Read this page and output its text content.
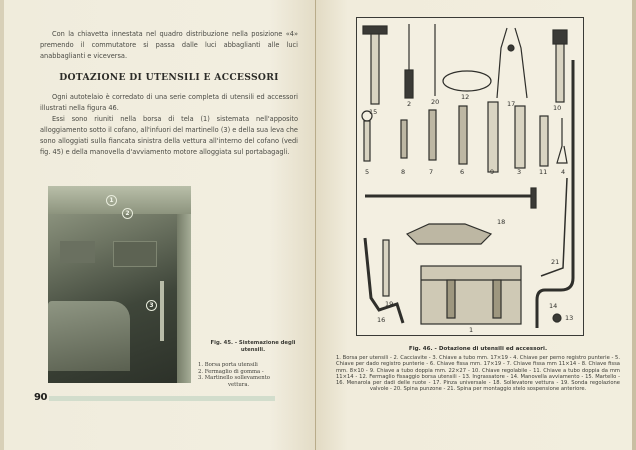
Con la chiavetta innestata nel quadro distribuzione nella posizione «4» premendo il commutatore si passa dalle luci abbaglianti alle luci anabbaglianti e viceversa.

DOTAZIONE DI UTENSILI E ACCESSORI

Ogni autotelaio è corredato di una serie completa di utensili ed accessori illustrati nella figura 46.

Essi sono riuniti nella borsa di tela (1) sistemata nell'apposito alloggiamento sotto il cofano, all'infuori del martinello (3) e della sua leva che sono alloggiati sulla fiancata sinistra della vettura all'interno del cofano (vedi fig. 45) e della manovella d'avviamento motore alloggiata sul portabagagli.

1
2
3
Fig. 45. - Sistemazione degli utensili.
1. Borsa porta utensili
2. Fermaglio di gomma -
3. Martinello sollevamento
vettura.
90
15
2	20
12
17	10
5	8	7	6	9	3	11 4
18
21
19
16
1
14
13
Fig. 46. - Dotazione di utensili ed accessori.
1. Borsa per utensili - 2. Cacciavite - 3. Chiave a tubo mm. 17×19 - 4. Chiave per perno registro punterie - 5. Chiave per dado registro punterie - 6. Chiave fissa mm. 17×19 - 7. Chiave fissa mm 11×14 - 8. Chiave fissa mm. 8×10 - 9. Chiave a tubo doppia mm. 22×27 - 10. Chiave regolabile - 11. Chiave a tubo doppia da mm 11×14 - 12. Fermaglio fissaggio borsa utensili - 13. Ingrassatore - 14. Manovella avviamento - 15. Martello - 16. Menarola per dadi delle ruote - 17. Pinza universale - 18. Sollevatore vettura - 19. Sonda regolazione valvole - 20. Spina punzone - 21. Spina per montaggio stelo sospensione anteriore.
